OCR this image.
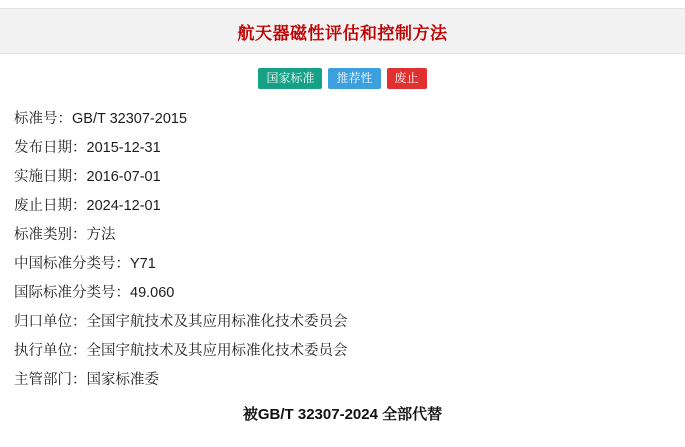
航天器磁性评估和控制方法
国家标准	推荐性	废止
标准号：GB/T 32307-2015
发布日期：2015-12-31
实施日期：2016-07-01
废止日期：2024-12-01
标准类别：方法
中国标准分类号：Y71
国际标准分类号：49.060
归口单位：全国宇航技术及其应用标准化技术委员会
执行单位：全国宇航技术及其应用标准化技术委员会
主管部门：国家标准委
被GB/T 32307-2024 全部代替
